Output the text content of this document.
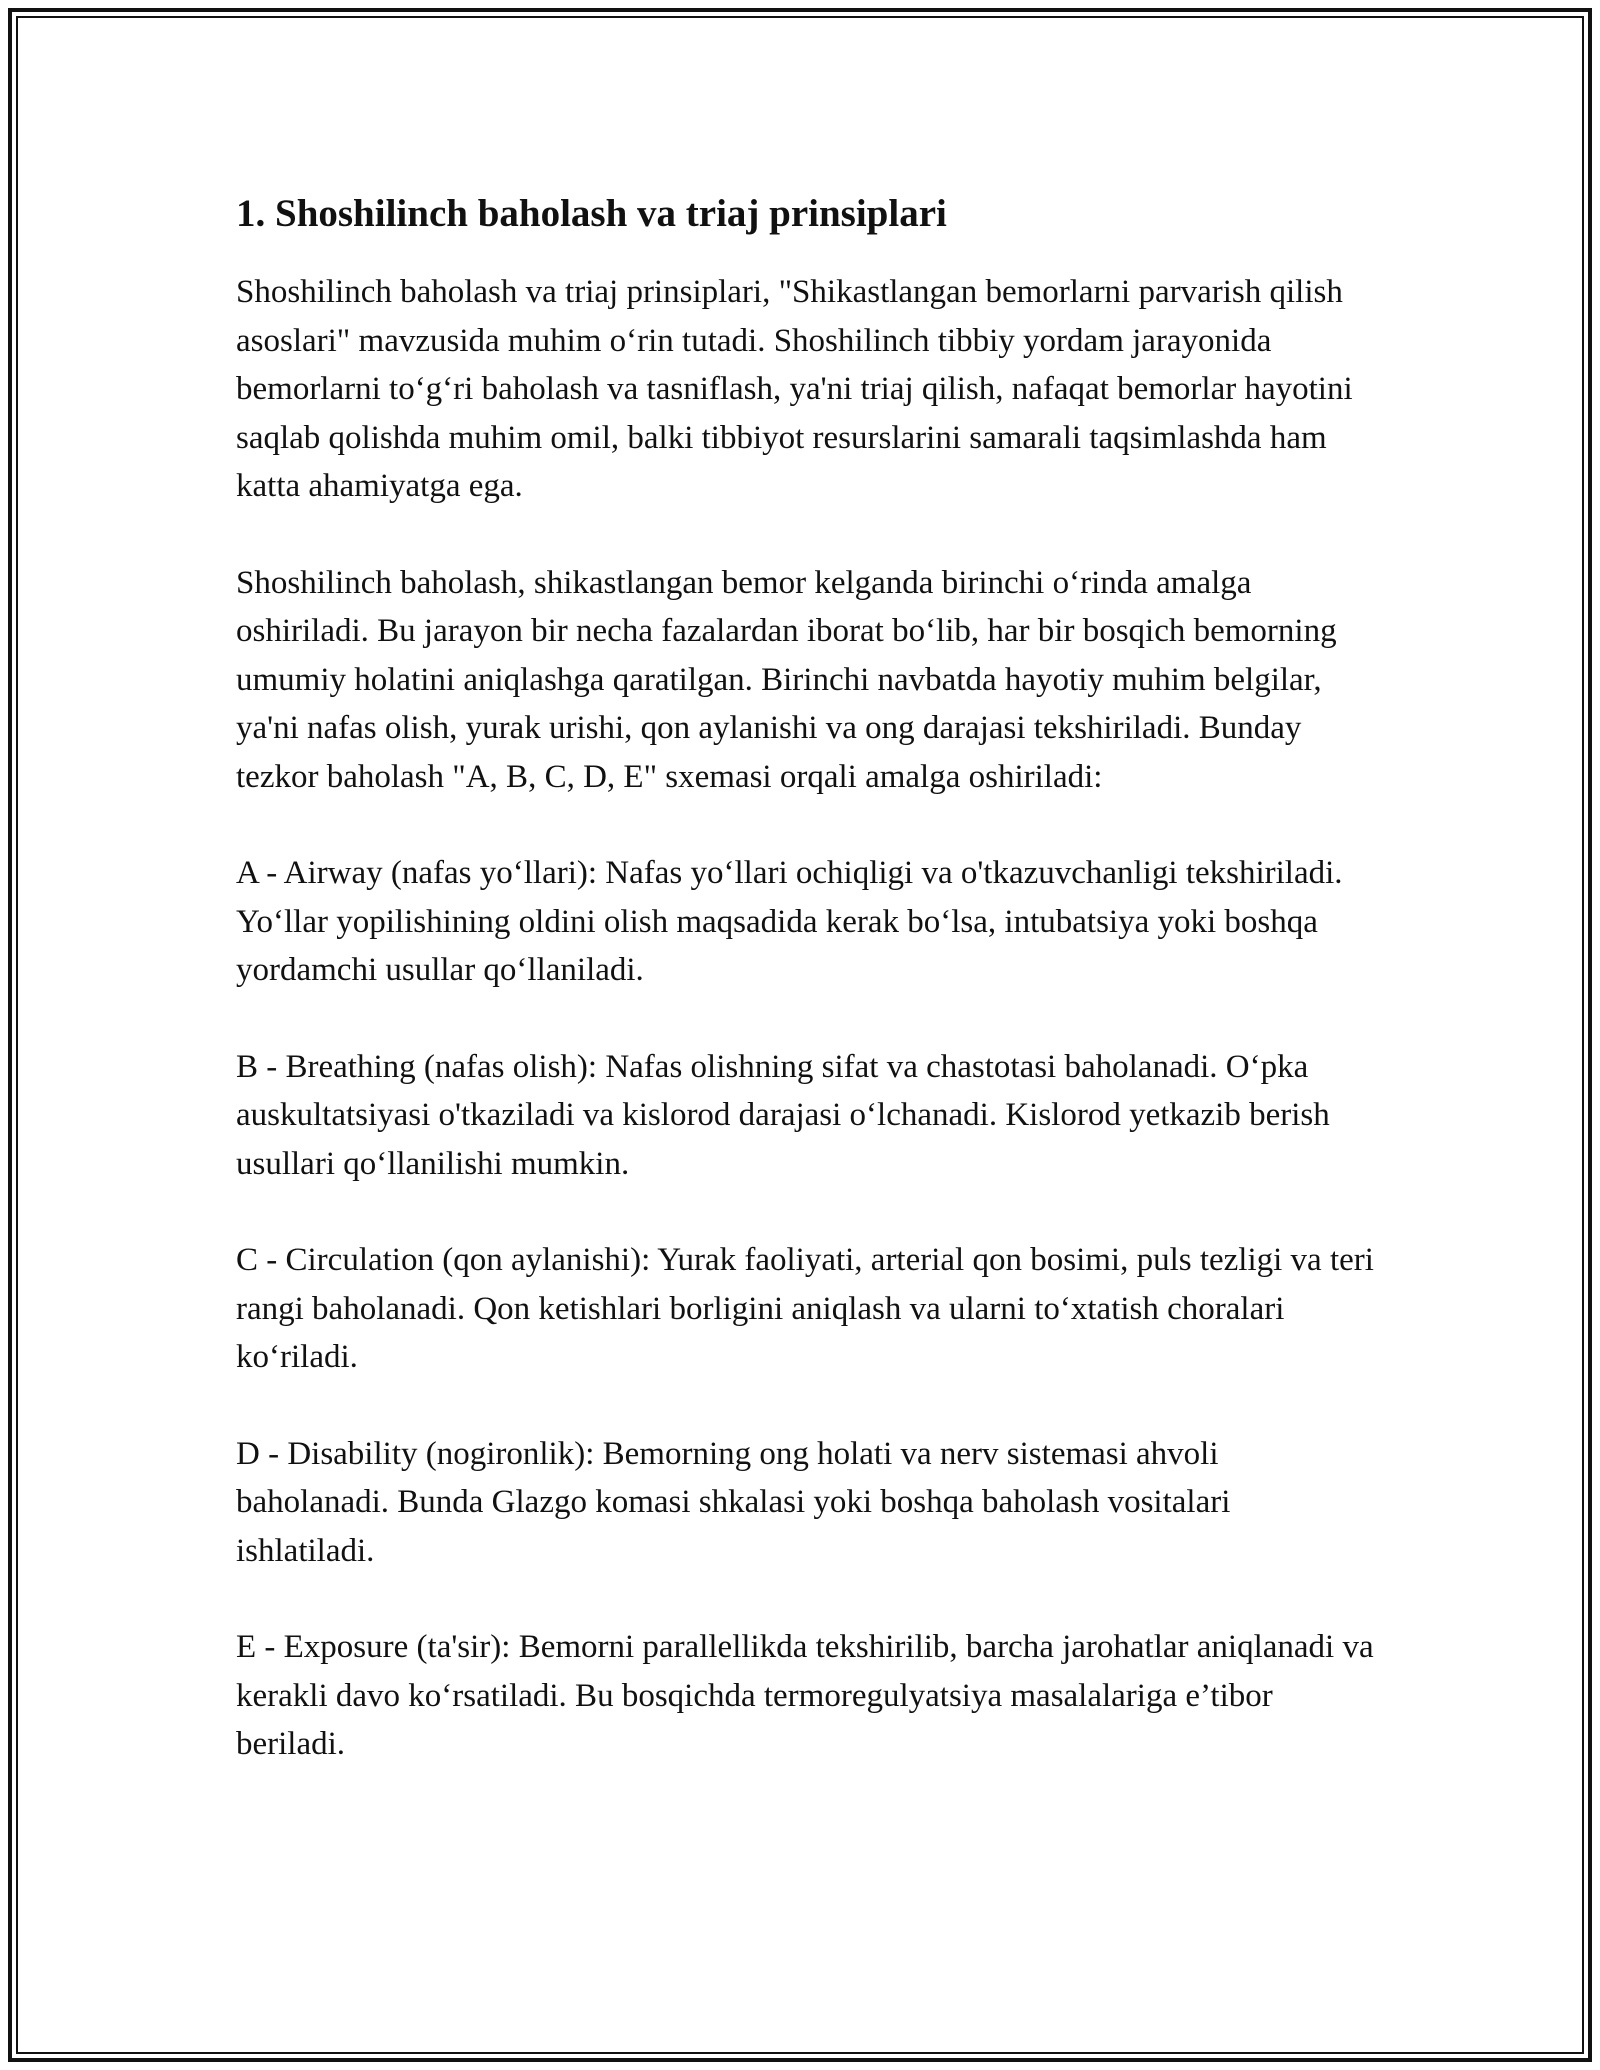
1. Shoshilinch baholash va triaj prinsiplari

Shoshilinch baholash va triaj prinsiplari, "Shikastlangan bemorlarni parvarish qilish asoslari" mavzusida muhim o‘rin tutadi. Shoshilinch tibbiy yordam jarayonida bemorlarni to‘g‘ri baholash va tasniflash, ya'ni triaj qilish, nafaqat bemorlar hayotini saqlab qolishda muhim omil, balki tibbiyot resurslarini samarali taqsimlashda ham katta ahamiyatga ega.

Shoshilinch baholash, shikastlangan bemor kelganda birinchi o‘rinda amalga oshiriladi. Bu jarayon bir necha fazalardan iborat bo‘lib, har bir bosqich bemorning umumiy holatini aniqlashga qaratilgan. Birinchi navbatda hayotiy muhim belgilar, ya'ni nafas olish, yurak urishi, qon aylanishi va ong darajasi tekshiriladi. Bunday tezkor baholash "A, B, C, D, E" sxemasi orqali amalga oshiriladi:

A - Airway (nafas yo‘llari): Nafas yo‘llari ochiqligi va o'tkazuvchanligi tekshiriladi. Yo‘llar yopilishining oldini olish maqsadida kerak bo‘lsa, intubatsiya yoki boshqa yordamchi usullar qo‘llaniladi.

B - Breathing (nafas olish): Nafas olishning sifat va chastotasi baholanadi. O‘pka auskultatsiyasi o'tkaziladi va kislorod darajasi o‘lchanadi. Kislorod yetkazib berish usullari qo‘llanilishi mumkin.

C - Circulation (qon aylanishi): Yurak faoliyati, arterial qon bosimi, puls tezligi va teri rangi baholanadi. Qon ketishlari borligini aniqlash va ularni to‘xtatish choralari ko‘riladi.

D - Disability (nogironlik): Bemorning ong holati va nerv sistemasi ahvoli baholanadi. Bunda Glazgo komasi shkalasi yoki boshqa baholash vositalari ishlatiladi.

E - Exposure (ta'sir): Bemorni parallellikda tekshirilib, barcha jarohatlar aniqlanadi va kerakli davo ko‘rsatiladi. Bu bosqichda termoregulyatsiya masalalariga e’tibor beriladi.
